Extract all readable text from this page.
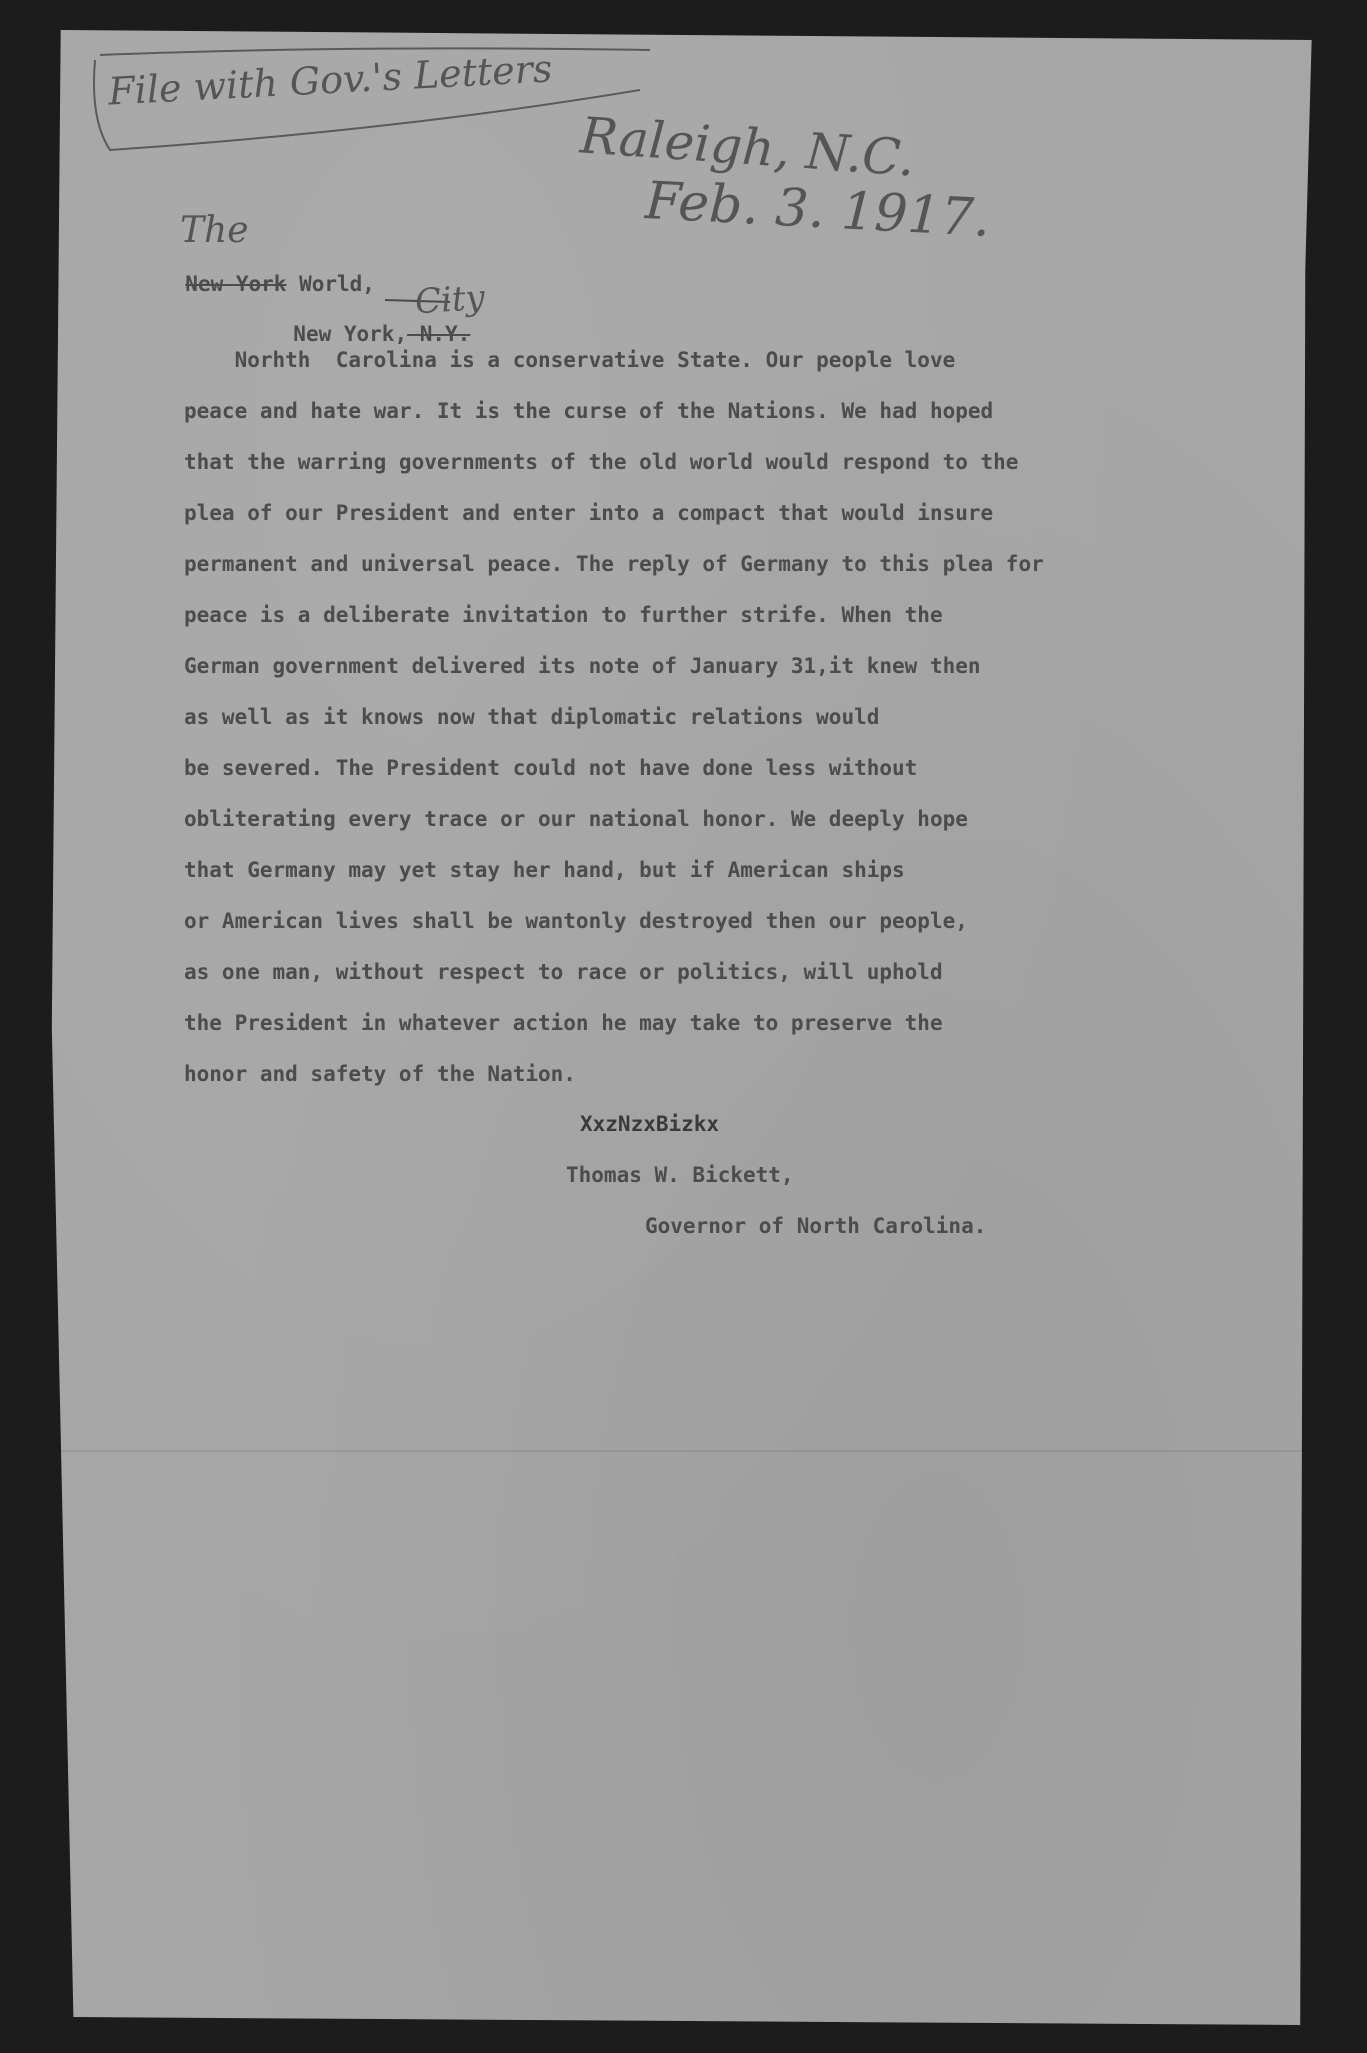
File with Gov.'s Letters
Raleigh, N.C.
Feb. 3. 1917.
The
City

New York World,

New York, N.Y.

Norhth  Carolina is a conservative State. Our people love
peace and hate war. It is the curse of the Nations. We had hoped
that the warring governments of the old world would respond to the
plea of our President and enter into a compact that would insure
permanent and universal peace. The reply of Germany to this plea for
peace is a deliberate invitation to further strife. When the
German government delivered its note of January 31,it knew then
as well as it knows now that diplomatic relations would
be severed. The President could not have done less without
obliterating every trace or our national honor. We deeply hope
that Germany may yet stay her hand, but if American ships
or American lives shall be wantonly destroyed then our people,
as one man, without respect to race or politics, will uphold
the President in whatever action he may take to preserve the
honor and safety of the Nation.
XxzNzxBizkx
Thomas W. Bickett,
Governor of North Carolina.
